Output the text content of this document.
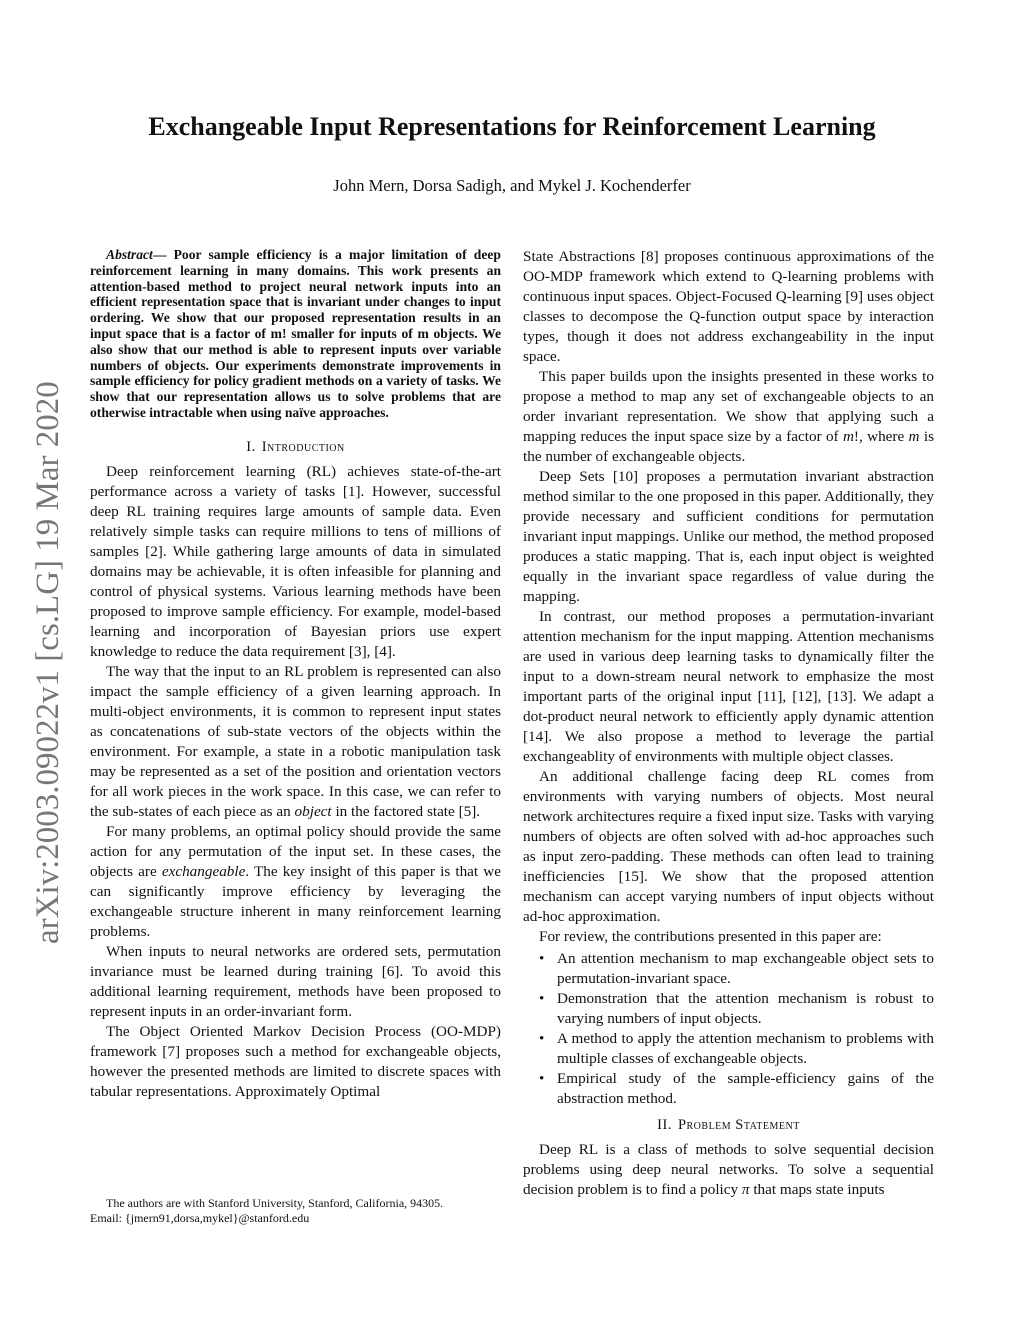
arXiv:2003.09022v1 [cs.LG] 19 Mar 2020
Exchangeable Input Representations for Reinforcement Learning
John Mern, Dorsa Sadigh, and Mykel J. Kochenderfer

Abstract— Poor sample efficiency is a major limitation of deep reinforcement learning in many domains. This work presents an attention-based method to project neural network inputs into an efficient representation space that is invariant under changes to input ordering. We show that our proposed representation results in an input space that is a factor of m! smaller for inputs of m objects. We also show that our method is able to represent inputs over variable numbers of objects. Our experiments demonstrate improvements in sample efficiency for policy gradient methods on a variety of tasks. We show that our representation allows us to solve problems that are otherwise intractable when using naïve approaches.

I. Introduction

Deep reinforcement learning (RL) achieves state-of-the-art performance across a variety of tasks [1]. However, successful deep RL training requires large amounts of sample data. Even relatively simple tasks can require millions to tens of millions of samples [2]. While gathering large amounts of data in simulated domains may be achievable, it is often infeasible for planning and control of physical systems. Various learning methods have been proposed to improve sample efficiency. For example, model-based learning and incorporation of Bayesian priors use expert knowledge to reduce the data requirement [3], [4].

The way that the input to an RL problem is represented can also impact the sample efficiency of a given learning approach. In multi-object environments, it is common to represent input states as concatenations of sub-state vectors of the objects within the environment. For example, a state in a robotic manipulation task may be represented as a set of the position and orientation vectors for all work pieces in the work space. In this case, we can refer to the sub-states of each piece as an object in the factored state [5].

For many problems, an optimal policy should provide the same action for any permutation of the input set. In these cases, the objects are exchangeable. The key insight of this paper is that we can significantly improve efficiency by leveraging the exchangeable structure inherent in many reinforcement learning problems.

When inputs to neural networks are ordered sets, permutation invariance must be learned during training [6]. To avoid this additional learning requirement, methods have been proposed to represent inputs in an order-invariant form.

The Object Oriented Markov Decision Process (OO-MDP) framework [7] proposes such a method for exchangeable objects, however the presented methods are limited to discrete spaces with tabular representations. Approximately Optimal

State Abstractions [8] proposes continuous approximations of the OO-MDP framework which extend to Q-learning problems with continuous input spaces. Object-Focused Q-learning [9] uses object classes to decompose the Q-function output space by interaction types, though it does not address exchangeability in the input space.

This paper builds upon the insights presented in these works to propose a method to map any set of exchangeable objects to an order invariant representation. We show that applying such a mapping reduces the input space size by a factor of m!, where m is the number of exchangeable objects.

Deep Sets [10] proposes a permutation invariant abstraction method similar to the one proposed in this paper. Additionally, they provide necessary and sufficient conditions for permutation invariant input mappings. Unlike our method, the method proposed produces a static mapping. That is, each input object is weighted equally in the invariant space regardless of value during the mapping.

In contrast, our method proposes a permutation-invariant attention mechanism for the input mapping. Attention mechanisms are used in various deep learning tasks to dynamically filter the input to a down-stream neural network to emphasize the most important parts of the original input [11], [12], [13]. We adapt a dot-product neural network to efficiently apply dynamic attention [14]. We also propose a method to leverage the partial exchangeablity of environments with multiple object classes.

An additional challenge facing deep RL comes from environments with varying numbers of objects. Most neural network architectures require a fixed input size. Tasks with varying numbers of objects are often solved with ad-hoc approaches such as input zero-padding. These methods can often lead to training inefficiencies [15]. We show that the proposed attention mechanism can accept varying numbers of input objects without ad-hoc approximation.

For review, the contributions presented in this paper are:

• An attention mechanism to map exchangeable object sets to permutation-invariant space.
• Demonstration that the attention mechanism is robust to varying numbers of input objects.
• A method to apply the attention mechanism to problems with multiple classes of exchangeable objects.
• Empirical study of the sample-efficiency gains of the abstraction method.
II. Problem Statement

Deep RL is a class of methods to solve sequential decision problems using deep neural networks. To solve a sequential decision problem is to find a policy π that maps state inputs

The authors are with Stanford University, Stanford, California, 94305.

Email: {jmern91,dorsa,mykel}@stanford.edu
